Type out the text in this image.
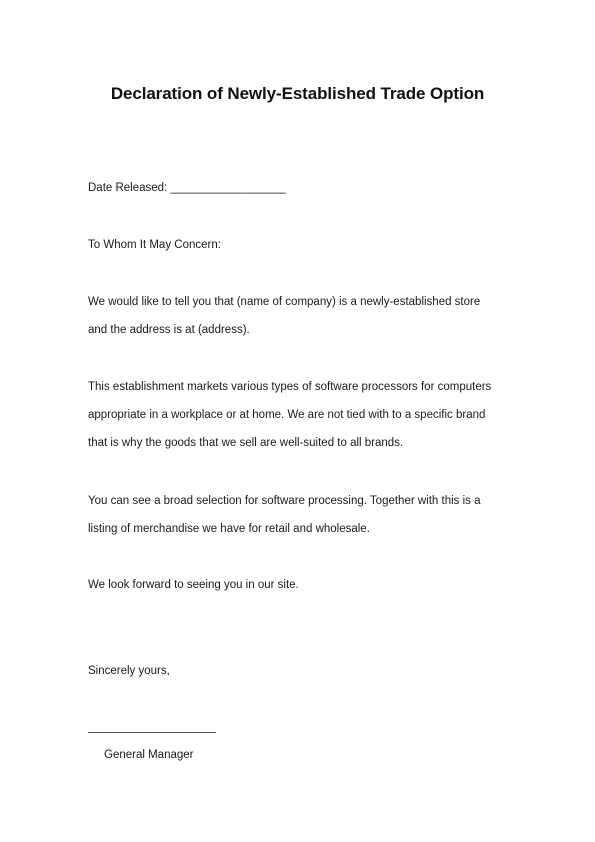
Declaration of Newly-Established Trade Option
Date Released: __________________
To Whom It May Concern:
We would like to tell you that (name of company) is a newly-established store
and the address is at (address).
This establishment markets various types of software processors for computers
appropriate in a workplace or at home. We are not tied with to a specific brand
that is why the goods that we sell are well-suited to all brands.
You can see a broad selection for software processing. Together with this is a
listing of merchandise we have for retail and wholesale.
We look forward to seeing you in our site.
Sincerely yours,
General Manager
